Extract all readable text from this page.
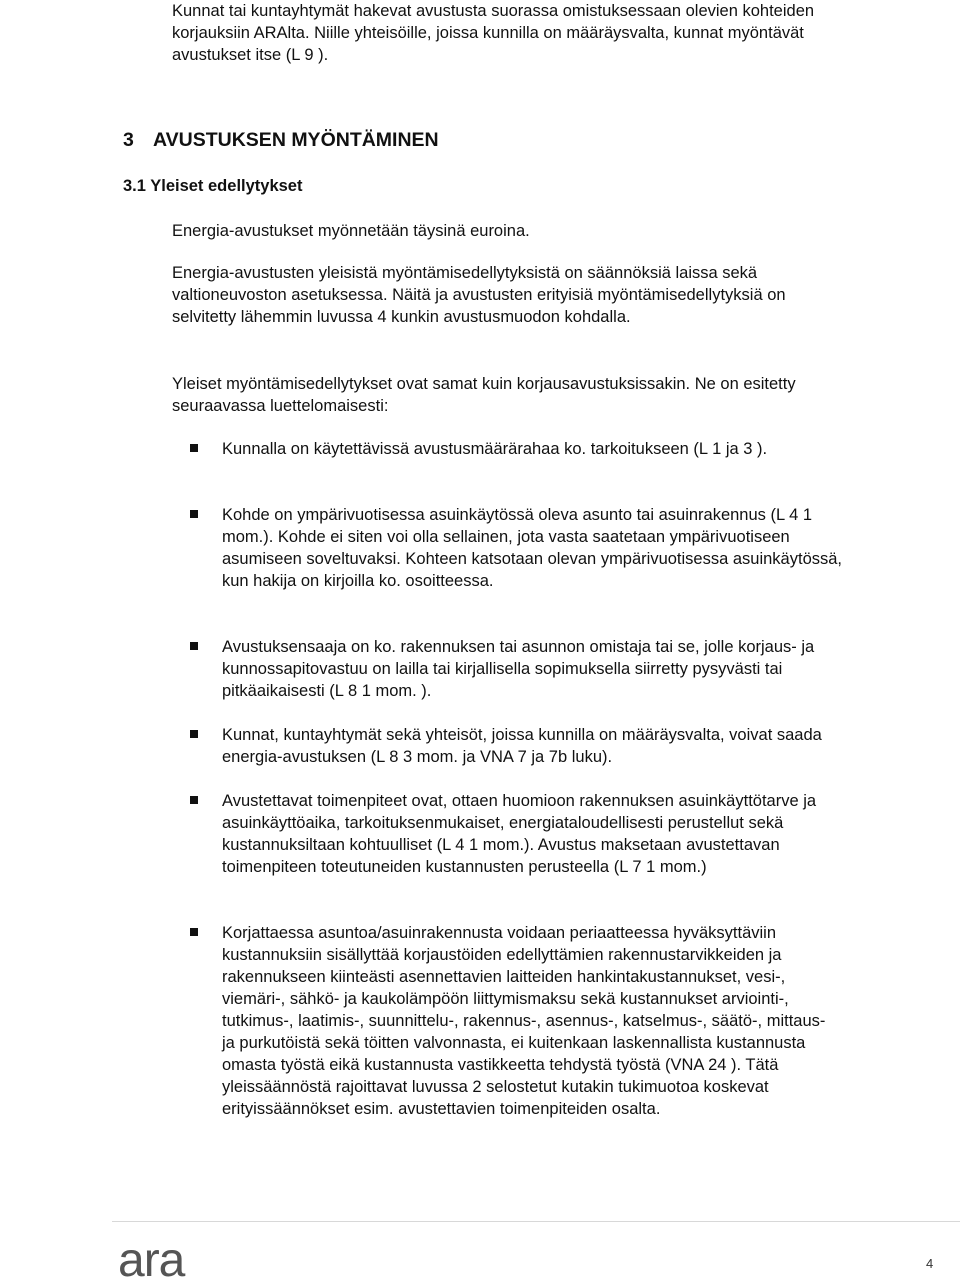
Kunnat tai kuntayhtymät hakevat avustusta suorassa omistuksessaan olevien kohteiden korjauksiin ARAlta. Niille yhteisöille, joissa kunnilla on määräysvalta, kunnat myöntävät avustukset itse (L 9 ).

3 AVUSTUKSEN MYÖNTÄMINEN
3.1 Yleiset edellytykset

Energia-avustukset myönnetään täysinä euroina.

Energia-avustusten yleisistä myöntämisedellytyksistä on säännöksiä laissa sekä valtioneuvoston asetuksessa. Näitä ja avustusten erityisiä myöntämisedellytyksiä on selvitetty lähemmin luvussa 4 kunkin avustusmuodon kohdalla.

Yleiset myöntämisedellytykset ovat samat kuin korjausavustuksissakin. Ne on esitetty seuraavassa luettelomaisesti:

Kunnalla on käytettävissä avustusmäärärahaa ko. tarkoitukseen (L 1 ja 3 ).
Kohde on ympärivuotisessa asuinkäytössä oleva asunto tai asuinrakennus (L 4 1 mom.). Kohde ei siten voi olla sellainen, jota vasta saatetaan ympärivuotiseen asumiseen soveltuvaksi. Kohteen katsotaan olevan ympärivuotisessa asuinkäytössä, kun hakija on kirjoilla ko. osoitteessa.
Avustuksensaaja on ko. rakennuksen tai asunnon omistaja tai se, jolle korjaus- ja kunnossapitovastuu on lailla tai kirjallisella sopimuksella siirretty pysyvästi tai pitkäaikaisesti (L 8 1 mom. ).
Kunnat, kuntayhtymät sekä yhteisöt, joissa kunnilla on määräysvalta, voivat saada energia-avustuksen (L 8 3 mom. ja VNA 7 ja 7b luku).
Avustettavat toimenpiteet ovat, ottaen huomioon rakennuksen asuinkäyttötarve ja asuinkäyttöaika, tarkoituksenmukaiset, energiataloudellisesti perustellut sekä kustannuksiltaan kohtuulliset (L 4 1 mom.). Avustus maksetaan avustettavan toimenpiteen toteutuneiden kustannusten perusteella (L 7 1 mom.)
Korjattaessa asuntoa/asuinrakennusta voidaan periaatteessa hyväksyttäviin kustannuksiin sisällyttää korjaustöiden edellyttämien rakennustarvikkeiden ja rakennukseen kiinteästi asennettavien laitteiden hankintakustannukset, vesi-, viemäri-, sähkö- ja kaukolämpöön liittymismaksu sekä kustannukset arviointi-, tutkimus-, laatimis-, suunnittelu-, rakennus-, asennus-, katselmus-, säätö-, mittaus- ja purkutöistä sekä töitten valvonnasta, ei kuitenkaan laskennallista kustannusta omasta työstä eikä kustannusta vastikkeetta tehdystä työstä (VNA 24 ). Tätä yleissäännöstä rajoittavat luvussa 2 selostetut kutakin tukimuotoa koskevat erityissäännökset esim. avustettavien toimenpiteiden osalta.
ara	4
